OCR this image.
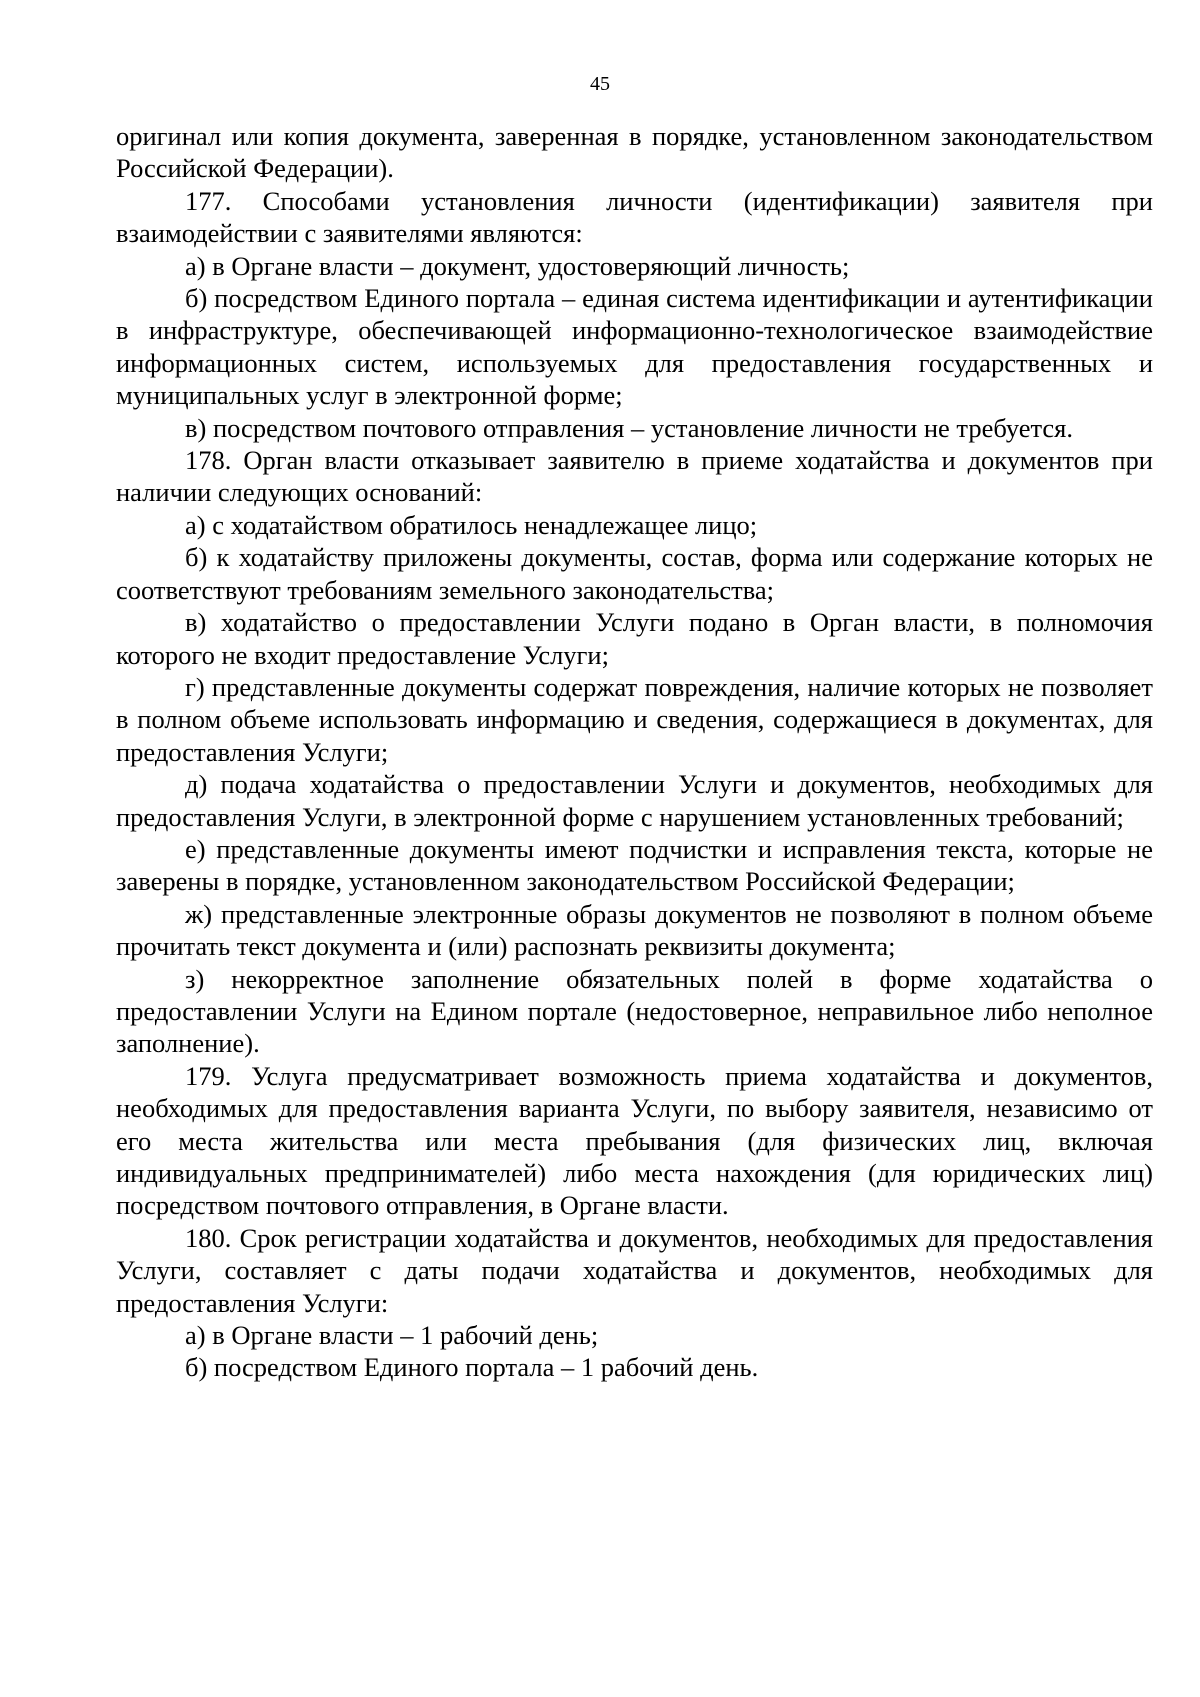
45

оригинал или копия документа, заверенная в порядке, установленном законодательством Российской Федерации).

177. Способами установления личности (идентификации) заявителя при взаимодействии с заявителями являются:

а) в Органе власти – документ, удостоверяющий личность;

б) посредством Единого портала – единая система идентификации и аутентификации в инфраструктуре, обеспечивающей информационно-технологическое взаимодействие информационных систем, используемых для предоставления государственных и муниципальных услуг в электронной форме;

в) посредством почтового отправления – установление личности не требуется.

178. Орган власти отказывает заявителю в приеме ходатайства и документов при наличии следующих оснований:

а) с ходатайством обратилось ненадлежащее лицо;

б) к ходатайству приложены документы, состав, форма или содержание которых не соответствуют требованиям земельного законодательства;

в) ходатайство о предоставлении Услуги подано в Орган власти, в полномочия которого не входит предоставление Услуги;

г) представленные документы содержат повреждения, наличие которых не позволяет в полном объеме использовать информацию и сведения, содержащиеся в документах, для предоставления Услуги;

д) подача ходатайства о предоставлении Услуги и документов, необходимых для предоставления Услуги, в электронной форме с нарушением установленных требований;

е) представленные документы имеют подчистки и исправления текста, которые не заверены в порядке, установленном законодательством Российской Федерации;

ж) представленные электронные образы документов не позволяют в полном объеме прочитать текст документа и (или) распознать реквизиты документа;

з) некорректное заполнение обязательных полей в форме ходатайства о предоставлении Услуги на Едином портале (недостоверное, неправильное либо неполное заполнение).

179. Услуга предусматривает возможность приема ходатайства и документов, необходимых для предоставления варианта Услуги, по выбору заявителя, независимо от его места жительства или места пребывания (для физических лиц, включая индивидуальных предпринимателей) либо места нахождения (для юридических лиц) посредством почтового отправления, в Органе власти.

180. Срок регистрации ходатайства и документов, необходимых для предоставления Услуги, составляет с даты подачи ходатайства и документов, необходимых для предоставления Услуги:

а) в Органе власти – 1 рабочий день;

б) посредством Единого портала – 1 рабочий день.
